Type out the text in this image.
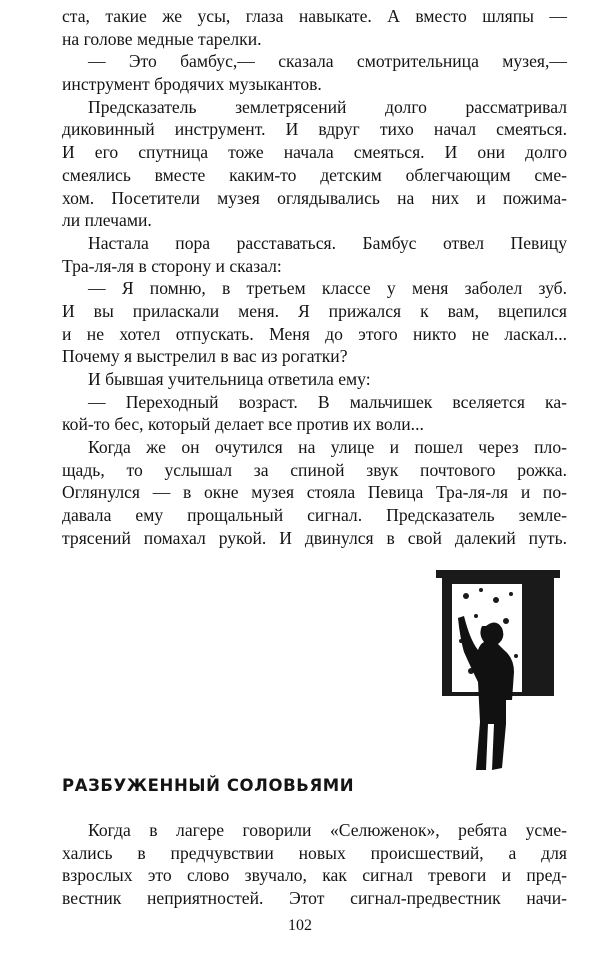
ста, такие же усы, глаза навыкате. А вместо шляпы —
на голове медные тарелки.
— Это бамбус,— сказала смотрительница музея,—
инструмент бродячих музыкантов.
Предсказатель землетрясений долго рассматривал
диковинный инструмент. И вдруг тихо начал смеяться.
И его спутница тоже начала смеяться. И они долго
смеялись вместе каким-то детским облегчающим сме-
хом. Посетители музея оглядывались на них и пожима-
ли плечами.
Настала пора расставаться. Бамбус отвел Певицу
Тра-ля-ля в сторону и сказал:
— Я помню, в третьем классе у меня заболел зуб.
И вы приласкали меня. Я прижался к вам, вцепился
и не хотел отпускать. Меня до этого никто не ласкал...
Почему я выстрелил в вас из рогатки?
И бывшая учительница ответила ему:
— Переходный возраст. В мальчишек вселяется ка-
кой-то бес, который делает все против их воли...
Когда же он очутился на улице и пошел через пло-
щадь, то услышал за спиной звук почтового рожка.
Оглянулся — в окне музея стояла Певица Тра-ля-ля и по-
давала ему прощальный сигнал. Предсказатель земле-
трясений помахал рукой. И двинулся в свой далекий путь.
РАЗБУЖЕННЫЙ СОЛОВЬЯМИ
Когда в лагере говорили «Селюженок», ребята усме-
хались в предчувствии новых происшествий, а для
взрослых это слово звучало, как сигнал тревоги и пред-
вестник неприятностей. Этот сигнал-предвестник начи-
102
